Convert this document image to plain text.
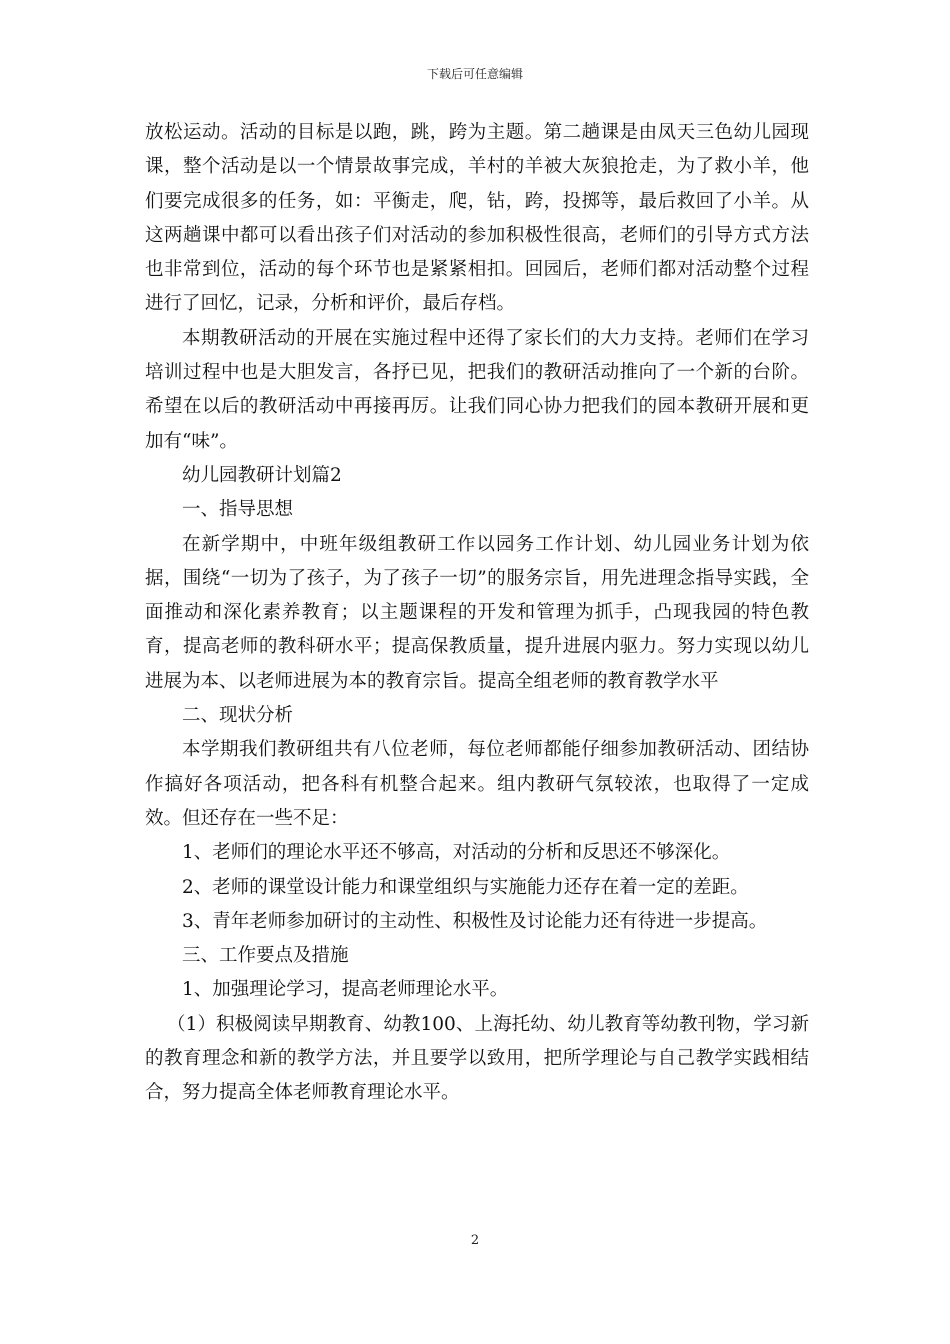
下载后可任意编辑

放松运动。活动的目标是以跑，跳，跨为主题。第二趟课是由凤天三色幼儿园现课，整个活动是以一个情景故事完成，羊村的羊被大灰狼抢走，为了救小羊，他们要完成很多的任务，如：平衡走，爬，钻，跨，投掷等，最后救回了小羊。从这两趟课中都可以看出孩子们对活动的参加积极性很高，老师们的引导方式方法也非常到位，活动的每个环节也是紧紧相扣。回园后，老师们都对活动整个过程进行了回忆，记录，分析和评价，最后存档。

本期教研活动的开展在实施过程中还得了家长们的大力支持。老师们在学习培训过程中也是大胆发言，各抒已见，把我们的教研活动推向了一个新的台阶。希望在以后的教研活动中再接再厉。让我们同心协力把我们的园本教研开展和更加有“味”。

幼儿园教研计划篇2

一、指导思想

在新学期中，中班年级组教研工作以园务工作计划、幼儿园业务计划为依据，围绕“一切为了孩子，为了孩子一切”的服务宗旨，用先进理念指导实践，全面推动和深化素养教育；以主题课程的开发和管理为抓手，凸现我园的特色教育，提高老师的教科研水平；提高保教质量，提升进展内驱力。努力实现以幼儿进展为本、以老师进展为本的教育宗旨。提高全组老师的教育教学水平

二、现状分析

本学期我们教研组共有八位老师，每位老师都能仔细参加教研活动、团结协作搞好各项活动，把各科有机整合起来。组内教研气氛较浓，也取得了一定成效。但还存在一些不足：

1、老师们的理论水平还不够高，对活动的分析和反思还不够深化。

2、老师的课堂设计能力和课堂组织与实施能力还存在着一定的差距。

3、青年老师参加研讨的主动性、积极性及讨论能力还有待进一步提高。

三、工作要点及措施

1、加强理论学习，提高老师理论水平。

（1）积极阅读早期教育、幼教100、上海托幼、幼儿教育等幼教刊物，学习新的教育理念和新的教学方法，并且要学以致用，把所学理论与自己教学实践相结合，努力提高全体老师教育理论水平。

2
